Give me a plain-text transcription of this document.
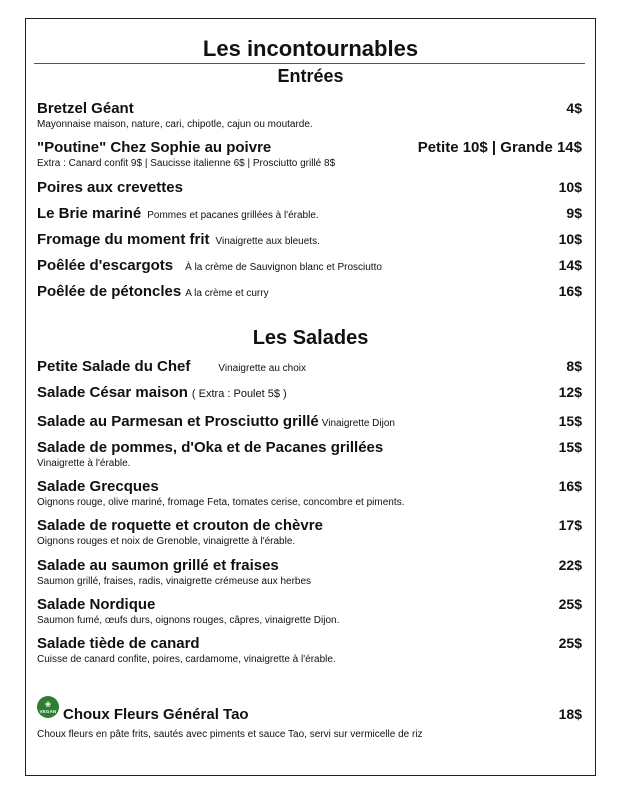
Les incontournables
Entrées
Bretzel Géant	4$
Mayonnaise maison, nature, cari, chipotle, cajun ou moutarde.
"Poutine" Chez Sophie au poivre	Petite 10$ | Grande 14$
Extra : Canard confit 9$ | Saucisse italienne 6$ | Prosciutto grillé 8$
Poires aux crevettes	10$
Le Brie mariné Pommes et pacanes grillées à l'érable.	9$
Fromage du moment frit Vinaigrette aux bleuets.	10$
Poêlée d'escargots À la crème de Sauvignon blanc et Prosciutto	14$
Poêlée de pétoncles A la crème et curry	16$
Les Salades
Petite Salade du Chef	Vinaigrette au choix	8$
Salade César maison ( Extra : Poulet 5$ )	12$
Salade au Parmesan et Prosciutto grillé Vinaigrette Dijon	15$
Salade de pommes, d'Oka et de Pacanes grillées	15$
Vinaigrette à l'érable.
Salade Grecques	16$
Oignons rouge, olive mariné, fromage Feta, tomates cerise, concombre et piments.
Salade de roquette et crouton de chèvre	17$
Oignons rouges et noix de Grenoble, vinaigrette à l'érable.
Salade au saumon grillé et fraises	22$
Saumon grillé, fraises, radis, vinaigrette crémeuse aux herbes
Salade Nordique	25$
Saumon fumé, œufs durs, oignons rouges, câpres, vinaigrette Dijon.
Salade tiède de canard	25$
Cuisse de canard confite, poires, cardamome, vinaigrette à l'érable.
❀
VEGAN Choux Fleurs Général Tao	18$
Choux fleurs en pâte frits, sautés avec piments et sauce Tao, servi sur vermicelle de riz
